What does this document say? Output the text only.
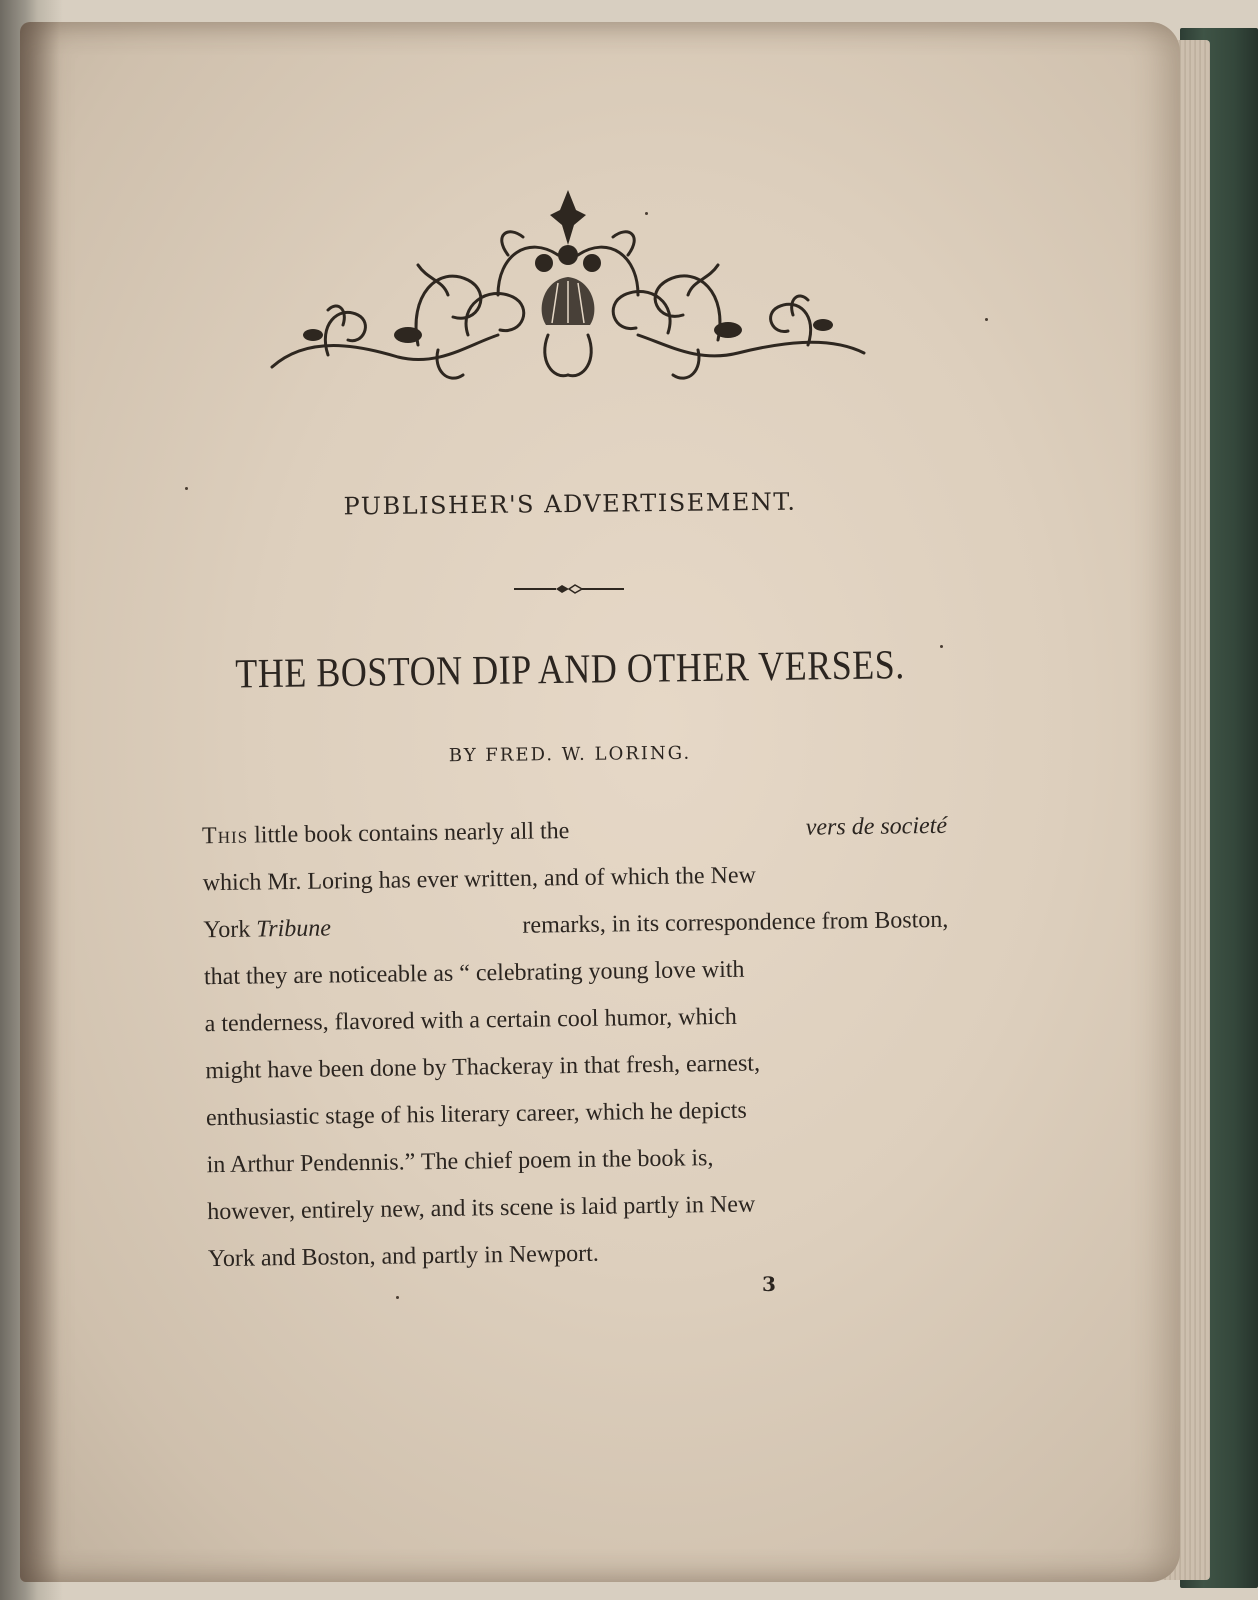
PUBLISHER'S ADVERTISEMENT.
THE BOSTON DIP AND OTHER VERSES.
BY FRED. W. LORING.
This little book contains nearly all the	vers de societé
which Mr. Loring has ever written, and of which the New
York Tribune	remarks, in its correspondence from Boston,
that they are noticeable as “ celebrating young love with
a tenderness, flavored with a certain cool humor, which
might have been done by Thackeray in that fresh, earnest,
enthusiastic stage of his literary career, which he depicts
in Arthur Pendennis.” The chief poem in the book is,
however, entirely new, and its scene is laid partly in New
York and Boston, and partly in Newport.
3
